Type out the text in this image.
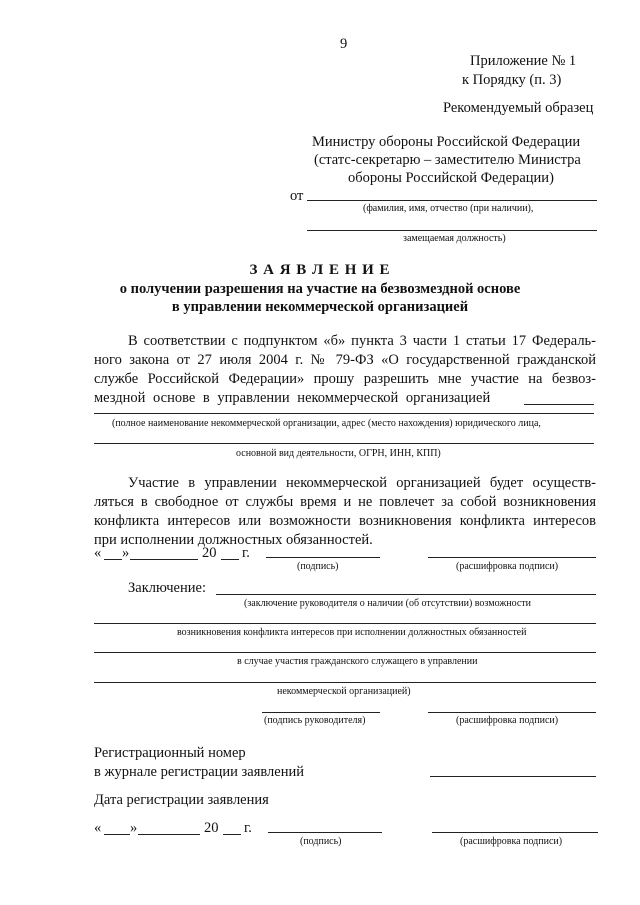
9
Приложение № 1
к Порядку (п. 3)
Рекомендуемый образец
Министру обороны Российской Федерации
(статс-секретарю – заместителю Министра
обороны Российской Федерации)
от
(фамилия, имя, отчество (при наличии),
замещаемая должность)
З А Я В Л Е Н И Е
о получении разрешения на участие на безвозмездной основе
в управлении некоммерческой организацией
В соответствии с подпунктом «б» пункта 3 части 1 статьи 17 Федераль-
ного закона от 27 июля 2004 г. № 79-ФЗ «О государственной гражданской
службе Российской Федерации» прошу разрешить мне участие на безвоз-
мездной основе в управлении некоммерческой организацией
(полное наименование некоммерческой организации, адрес (место нахождения) юридического лица,
основной вид деятельности, ОГРН, ИНН, КПП)
Участие в управлении некоммерческой организацией будет осуществ-
ляться в свободное от службы время и не повлечет за собой возникновения
конфликта интересов или возможности возникновения конфликта интересов
при исполнении должностных обязанностей.
« »	20 г.
(подпись)	(расшифровка подписи)
Заключение:
(заключение руководителя о наличии (об отсутствии) возможности
возникновения конфликта интересов при исполнении должностных обязанностей
в случае участия гражданского служащего в управлении
некоммерческой организацией)
(подпись руководителя)	(расшифровка подписи)
Регистрационный номер
в журнале регистрации заявлений
Дата регистрации заявления
« »	20 г.
(подпись)	(расшифровка подписи)
